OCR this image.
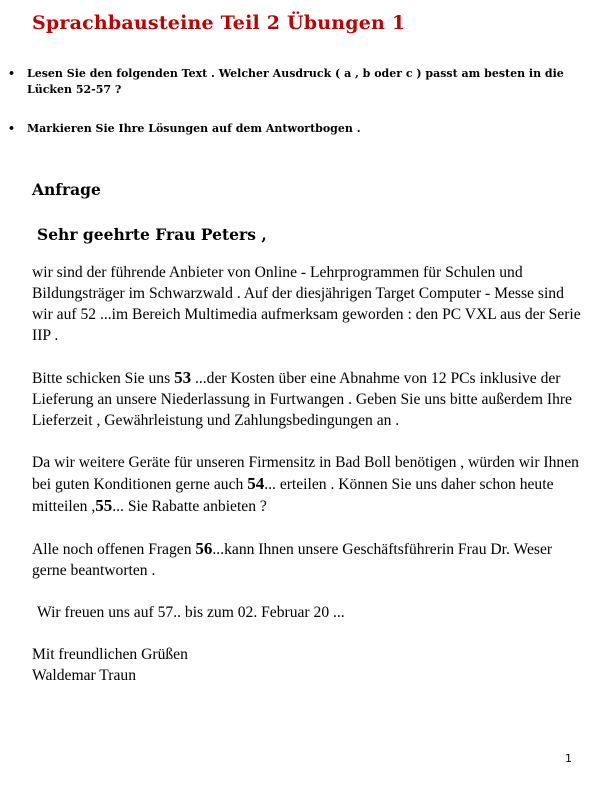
Sprachbausteine Teil 2 Übungen 1
• Lesen Sie den folgenden Text . Welcher Ausdruck ( a , b oder c ) passt am besten in die Lücken 52-57 ?
• Markieren Sie Ihre Lösungen auf dem Antwortbogen .
Anfrage
Sehr geehrte Frau Peters ,

wir sind der führende Anbieter von Online - Lehrprogrammen für Schulen und Bildungsträger im Schwarzwald . Auf der diesjährigen Target Computer - Messe sind wir auf 52 ...im Bereich Multimedia aufmerksam geworden : den PC VXL aus der Serie IIP .

Bitte schicken Sie uns 53 ...der Kosten über eine Abnahme von 12 PCs inklusive der Lieferung an unsere Niederlassung in Furtwangen . Geben Sie uns bitte außerdem Ihre Lieferzeit , Gewährleistung und Zahlungsbedingungen an .

Da wir weitere Geräte für unseren Firmensitz in Bad Boll benötigen , würden wir Ihnen bei guten Konditionen gerne auch 54... erteilen . Können Sie uns daher schon heute mitteilen ,55... Sie Rabatte anbieten ?

Alle noch offenen Fragen 56...kann Ihnen unsere Geschäftsführerin Frau Dr. Weser gerne beantworten .

Wir freuen uns auf 57.. bis zum 02. Februar 20 ...

Mit freundlichen Grüßen

Waldemar Traun

1
